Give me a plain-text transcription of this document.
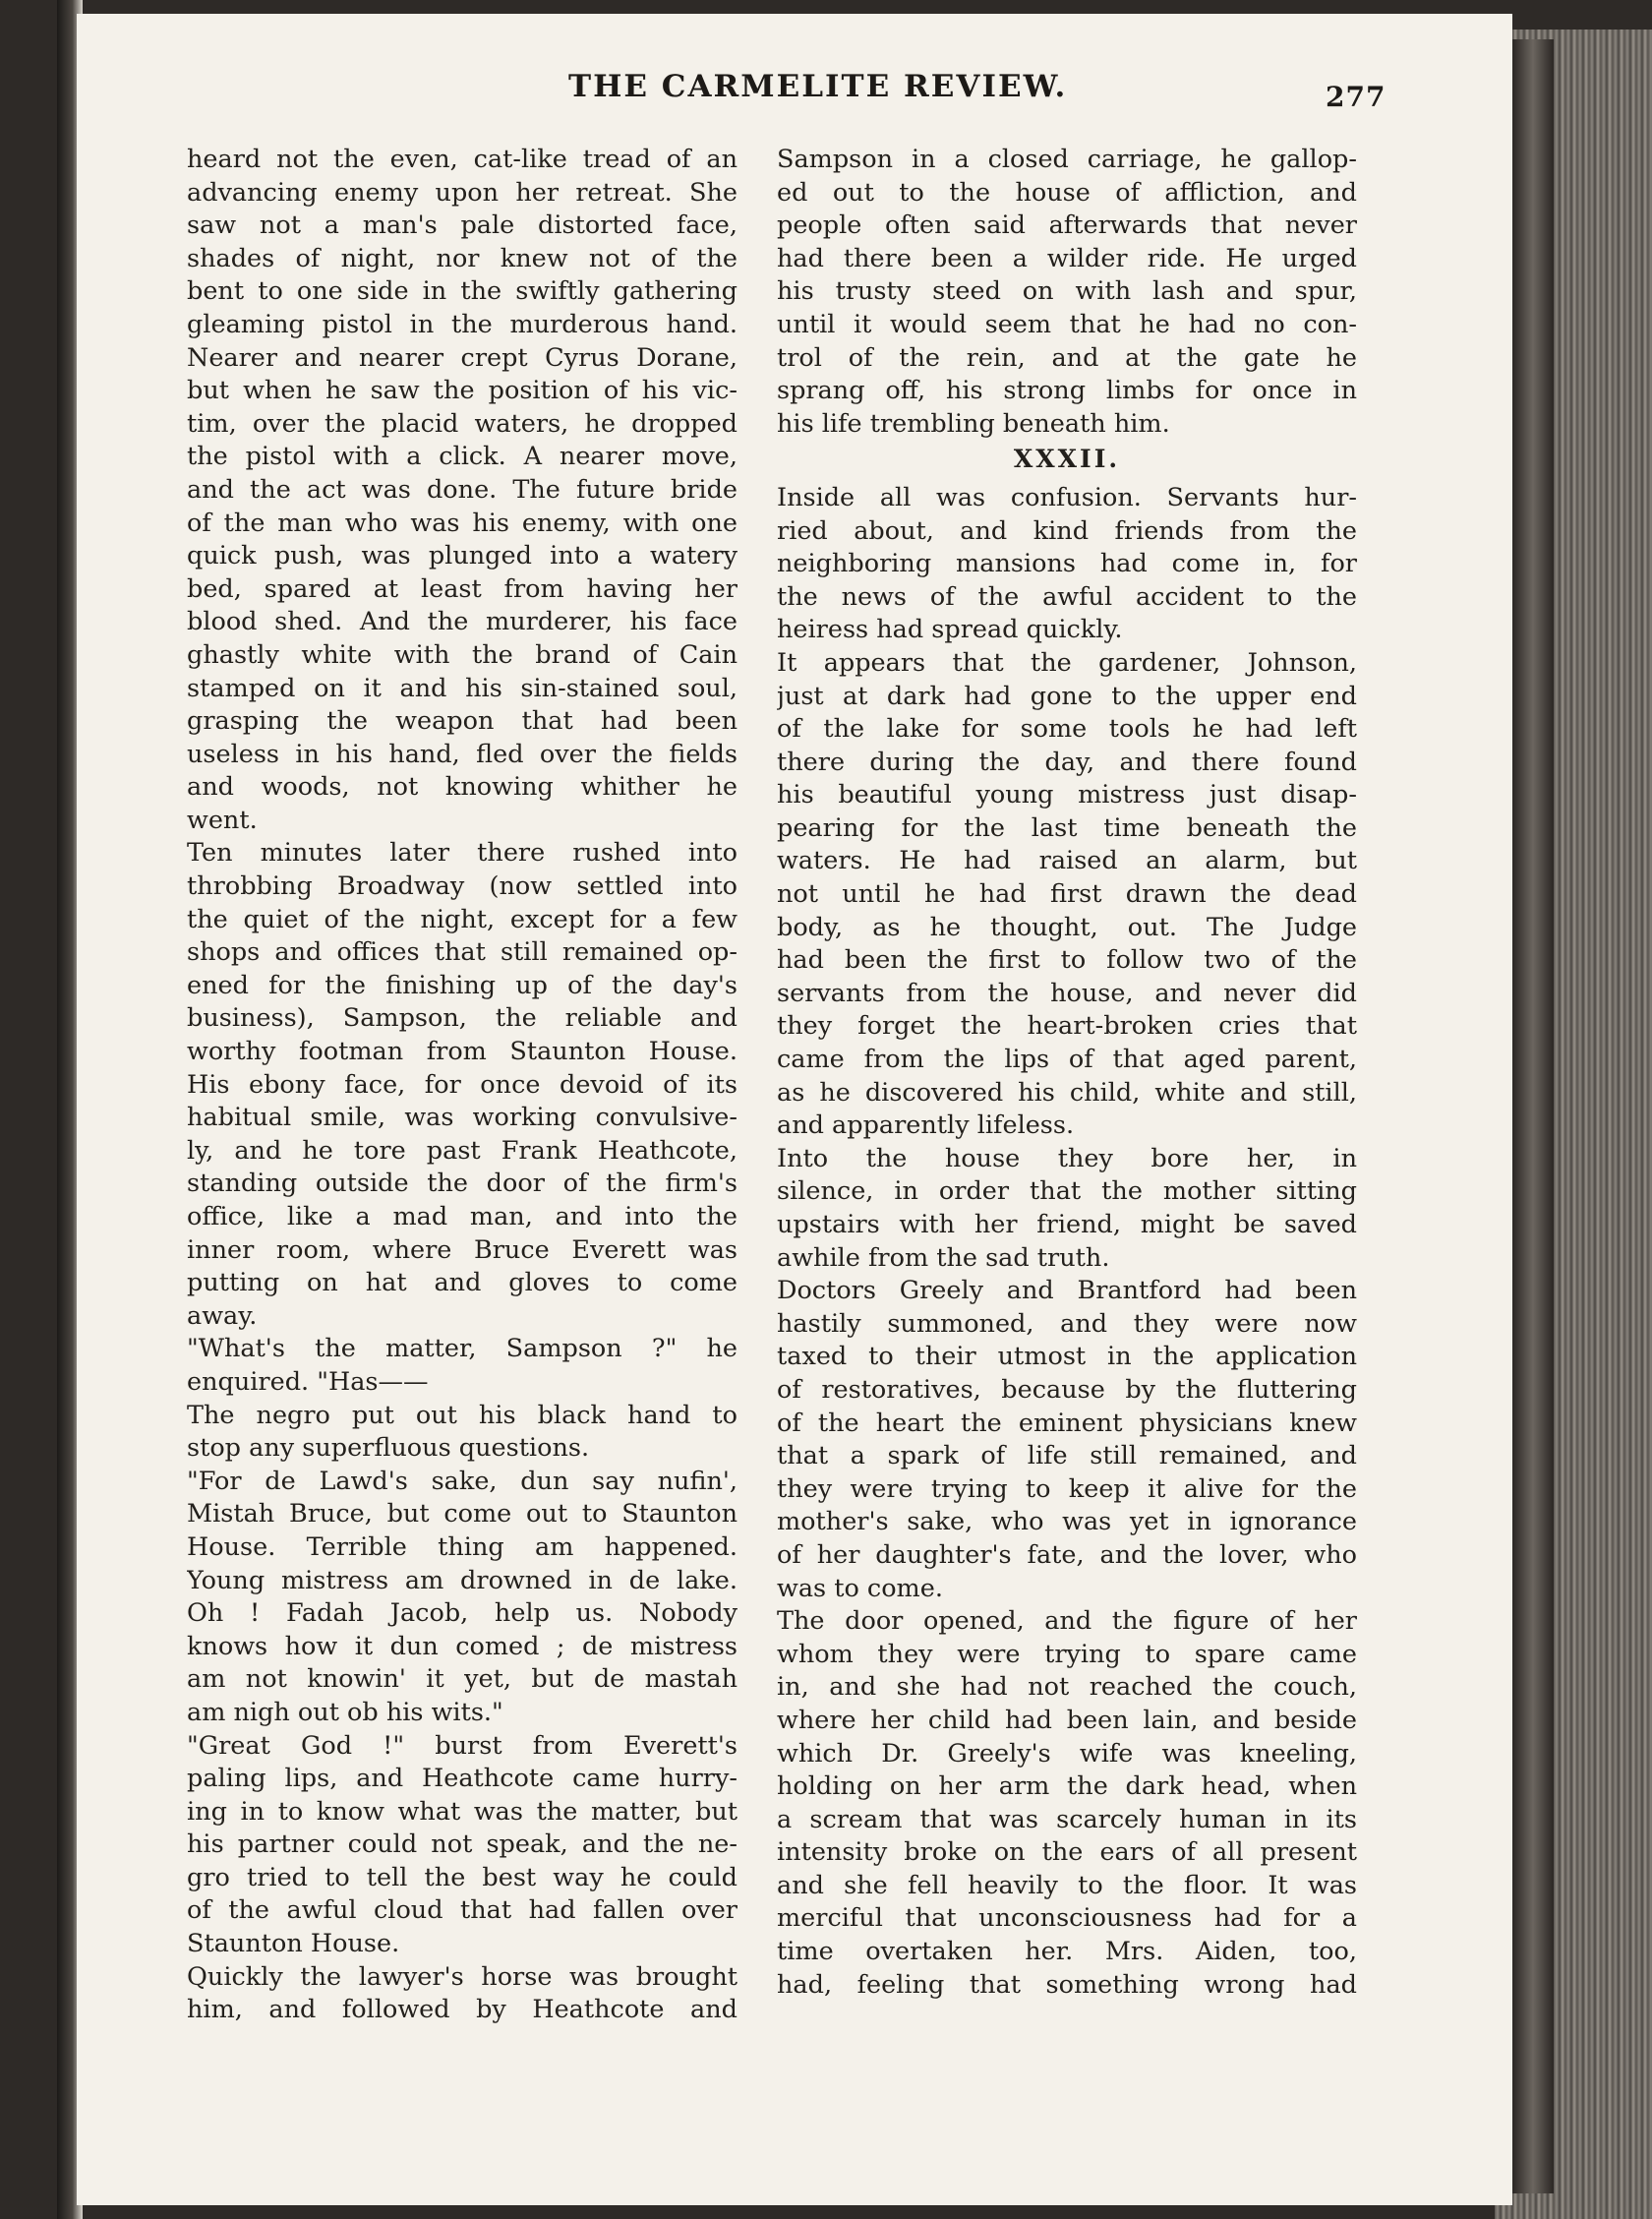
THE CARMELITE REVIEW.	277
heard not the even, cat-like tread of an
advancing enemy upon her retreat. She
saw not a man's pale distorted face,
shades of night, nor knew not of the
bent to one side in the swiftly gathering
gleaming pistol in the murderous hand.
Nearer and nearer crept Cyrus Dorane,
but when he saw the position of his vic-
tim, over the placid waters, he dropped
the pistol with a click. A nearer move,
and the act was done. The future bride
of the man who was his enemy, with one
quick push, was plunged into a watery
bed, spared at least from having her
blood shed. And the murderer, his face
ghastly white with the brand of Cain
stamped on it and his sin-stained soul,
grasping the weapon that had been
useless in his hand, fled over the fields
and woods, not knowing whither he
went.
Ten minutes later there rushed into
throbbing Broadway (now settled into
the quiet of the night, except for a few
shops and offices that still remained op-
ened for the finishing up of the day's
business), Sampson, the reliable and
worthy footman from Staunton House.
His ebony face, for once devoid of its
habitual smile, was working convulsive-
ly, and he tore past Frank Heathcote,
standing outside the door of the firm's
office, like a mad man, and into the
inner room, where Bruce Everett was
putting on hat and gloves to come
away.
"What's the matter, Sampson ?" he
enquired. "Has——
The negro put out his black hand to
stop any superfluous questions.
"For de Lawd's sake, dun say nufin',
Mistah Bruce, but come out to Staunton
House. Terrible thing am happened.
Young mistress am drowned in de lake.
Oh ! Fadah Jacob, help us. Nobody
knows how it dun comed ; de mistress
am not knowin' it yet, but de mastah
am nigh out ob his wits."
"Great God !" burst from Everett's
paling lips, and Heathcote came hurry-
ing in to know what was the matter, but
his partner could not speak, and the ne-
gro tried to tell the best way he could
of the awful cloud that had fallen over
Staunton House.
Quickly the lawyer's horse was brought
him, and followed by Heathcote and
Sampson in a closed carriage, he gallop-
ed out to the house of affliction, and
people often said afterwards that never
had there been a wilder ride. He urged
his trusty steed on with lash and spur,
until it would seem that he had no con-
trol of the rein, and at the gate he
sprang off, his strong limbs for once in
his life trembling beneath him.
XXXII.
Inside all was confusion. Servants hur-
ried about, and kind friends from the
neighboring mansions had come in, for
the news of the awful accident to the
heiress had spread quickly.
It appears that the gardener, Johnson,
just at dark had gone to the upper end
of the lake for some tools he had left
there during the day, and there found
his beautiful young mistress just disap-
pearing for the last time beneath the
waters. He had raised an alarm, but
not until he had first drawn the dead
body, as he thought, out. The Judge
had been the first to follow two of the
servants from the house, and never did
they forget the heart-broken cries that
came from the lips of that aged parent,
as he discovered his child, white and still,
and apparently lifeless.
Into the house they bore her, in
silence, in order that the mother sitting
upstairs with her friend, might be saved
awhile from the sad truth.
Doctors Greely and Brantford had been
hastily summoned, and they were now
taxed to their utmost in the application
of restoratives, because by the fluttering
of the heart the eminent physicians knew
that a spark of life still remained, and
they were trying to keep it alive for the
mother's sake, who was yet in ignorance
of her daughter's fate, and the lover, who
was to come.
The door opened, and the figure of her
whom they were trying to spare came
in, and she had not reached the couch,
where her child had been lain, and beside
which Dr. Greely's wife was kneeling,
holding on her arm the dark head, when
a scream that was scarcely human in its
intensity broke on the ears of all present
and she fell heavily to the floor. It was
merciful that unconsciousness had for a
time overtaken her. Mrs. Aiden, too,
had, feeling that something wrong had
